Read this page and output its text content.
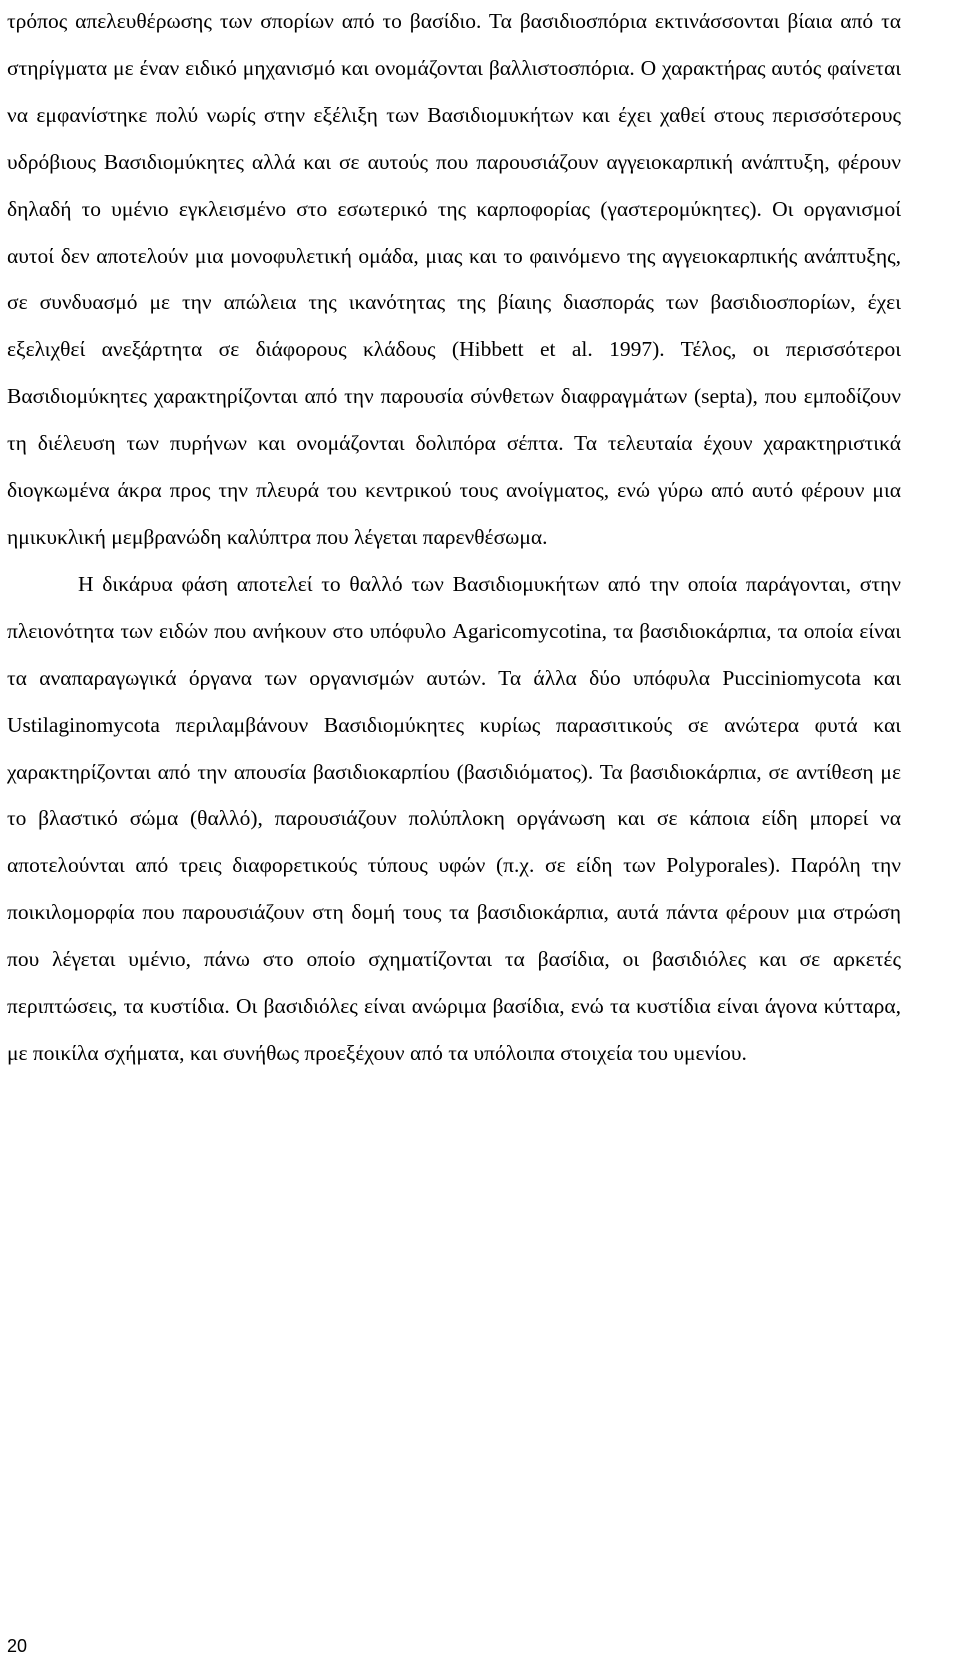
τρόπος απελευθέρωσης των σπορίων από το βασίδιο. Τα βασιδιοσπόρια εκτινάσσονται βίαια από τα στηρίγματα με έναν ειδικό μηχανισμό και ονομάζονται βαλλιστοσπόρια. Ο χαρακτήρας αυτός φαίνεται να εμφανίστηκε πολύ νωρίς στην εξέλιξη των Βασιδιομυκήτων και έχει χαθεί στους περισσότερους υδρόβιους Βασιδιομύκητες αλλά και σε αυτούς που παρουσιάζουν αγγειοκαρπική ανάπτυξη, φέρουν δηλαδή το υμένιο εγκλεισμένο στο εσωτερικό της καρποφορίας (γαστερομύκητες). Οι οργανισμοί αυτοί δεν αποτελούν μια μονοφυλετική ομάδα, μιας και το φαινόμενο της αγγειοκαρπικής ανάπτυξης, σε συνδυασμό με την απώλεια της ικανότητας της βίαιης διασποράς των βασιδιοσπορίων, έχει εξελιχθεί ανεξάρτητα σε διάφορους κλάδους (Hibbett et al. 1997). Τέλος, οι περισσότεροι Βασιδιομύκητες χαρακτηρίζονται από την παρουσία σύνθετων διαφραγμάτων (septa), που εμποδίζουν τη διέλευση των πυρήνων και ονομάζονται δολιπόρα σέπτα. Τα τελευταία έχουν χαρακτηριστικά διογκωμένα άκρα προς την πλευρά του κεντρικού τους ανοίγματος, ενώ γύρω από αυτό φέρουν μια ημικυκλική μεμβρανώδη καλύπτρα που λέγεται παρενθέσωμα.

Η δικάρυα φάση αποτελεί το θαλλό των Βασιδιομυκήτων από την οποία παράγονται, στην πλειονότητα των ειδών που ανήκουν στο υπόφυλο Agaricomycotina, τα βασιδιοκάρπια, τα οποία είναι τα αναπαραγωγικά όργανα των οργανισμών αυτών. Τα άλλα δύο υπόφυλα Pucciniomycota και Ustilaginomycota περιλαμβάνουν Βασιδιομύκητες κυρίως παρασιτικούς σε ανώτερα φυτά και χαρακτηρίζονται από την απουσία βασιδιοκαρπίου (βασιδιόματος). Τα βασιδιοκάρπια, σε αντίθεση με το βλαστικό σώμα (θαλλό), παρουσιάζουν πολύπλοκη οργάνωση και σε κάποια είδη μπορεί να αποτελούνται από τρεις διαφορετικούς τύπους υφών (π.χ. σε είδη των Polyporales). Παρόλη την ποικιλομορφία που παρουσιάζουν στη δομή τους τα βασιδιοκάρπια, αυτά πάντα φέρουν μια στρώση που λέγεται υμένιο, πάνω στο οποίο σχηματίζονται τα βασίδια, οι βασιδιόλες και σε αρκετές περιπτώσεις, τα κυστίδια. Οι βασιδιόλες είναι ανώριμα βασίδια, ενώ τα κυστίδια είναι άγονα κύτταρα, με ποικίλα σχήματα, και συνήθως προεξέχουν από τα υπόλοιπα στοιχεία του υμενίου.

20
